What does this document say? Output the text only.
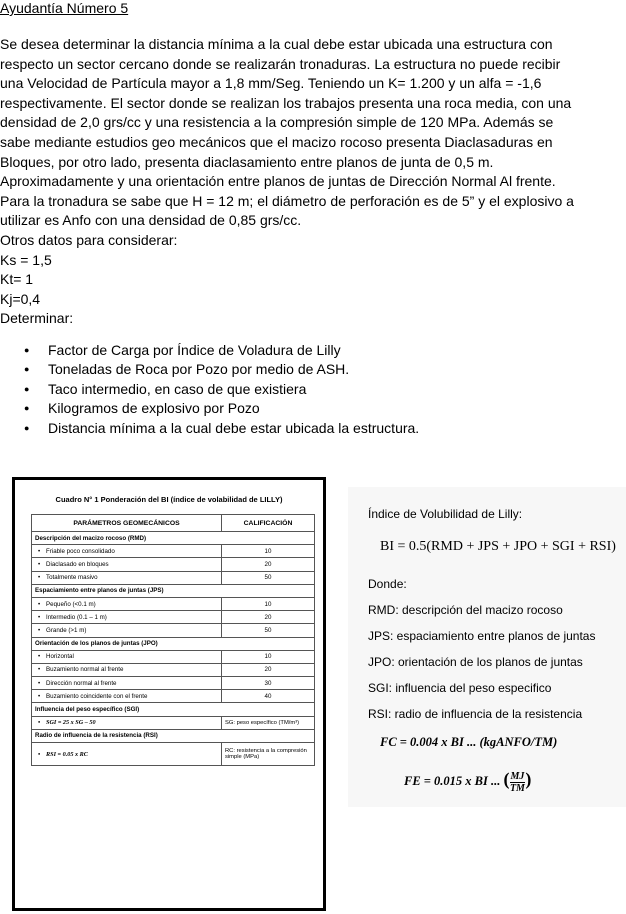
Ayudantía Número 5
Se desea determinar la distancia mínima a la cual debe estar ubicada una estructura con
respecto un sector cercano donde se realizarán tronaduras. La estructura no puede recibir
una Velocidad de Partícula mayor a 1,8 mm/Seg. Teniendo un K= 1.200 y un alfa = -1,6
respectivamente. El sector donde se realizan los trabajos presenta una roca media, con una
densidad de 2,0 grs/cc y una resistencia a la compresión simple de 120 MPa. Además se
sabe mediante estudios geo mecánicos que el macizo rocoso presenta Diaclasaduras en
Bloques, por otro lado, presenta diaclasamiento entre planos de junta de 0,5 m.
Aproximadamente y una orientación entre planos de juntas de Dirección Normal Al frente.
Para la tronadura se sabe que H = 12 m; el diámetro de perforación es de 5” y el explosivo a
utilizar es Anfo con una densidad de 0,85 grs/cc.
Otros datos para considerar:
Ks = 1,5
Kt= 1
Kj=0,4
Determinar:
● Factor de Carga por Índice de Voladura de Lilly
● Toneladas de Roca por Pozo por medio de ASH.
● Taco intermedio, en caso de que existiera
● Kilogramos de explosivo por Pozo
● Distancia mínima a la cual debe estar ubicada la estructura.
Cuadro N° 1 Ponderación del BI (índice de volabilidad de LILLY)
PARÁMETROS GEOMECÁNICOS	CALIFICACIÓN
Descripción del macizo rocoso (RMD)	
• Friable poco consolidado	10
• Diaclasado en bloques	20
• Totalmente masivo	50
Espaciamiento entre planos de juntas (JPS)	
• Pequeño (<0.1 m)	10
• Intermedio (0.1 – 1 m)	20
• Grande (>1 m)	50
Orientación de los planos de juntas (JPO)	
• Horizontal	10
• Buzamiento normal al frente	20
• Dirección normal al frente	30
• Buzamiento coincidente con el frente	40
Influencia del peso específico (SGI)	
• SGI = 25 x SG – 50	SG: peso específico (TM/m³)
Radio de influencia de la resistencia (RSI)	
• RSI = 0.05 x RC	RC: resistencia a la compresión simple (MPa)
Índice de Volubilidad de Lilly:
BI = 0.5(RMD + JPS + JPO + SGI + RSI)
Donde:
RMD: descripción del macizo rocoso
JPS: espaciamiento entre planos de juntas
JPO: orientación de los planos de juntas
SGI: influencia del peso especifico
RSI: radio de influencia de la resistencia
FC = 0.004 x BI ... (kgANFO/TM)
FE = 0.015 x BI ... ( $\frac{MJ}{TM}$ )
